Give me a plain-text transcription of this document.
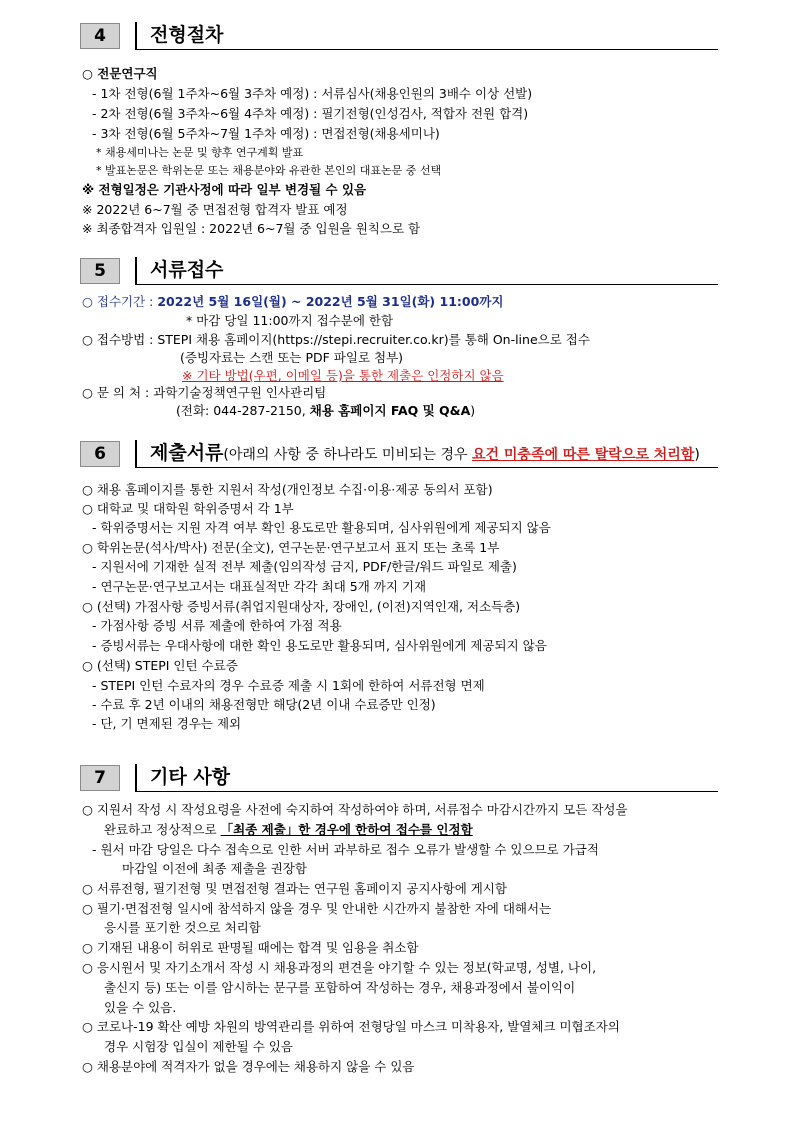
4	전형절차
○ 전문연구직
- 1차 전형(6월 1주차~6월 3주차 예정) : 서류심사(채용인원의 3배수 이상 선발)
- 2차 전형(6월 3주차~6월 4주차 예정) : 필기전형(인성검사, 적합자 전원 합격)
- 3차 전형(6월 5주차~7월 1주차 예정) : 면접전형(채용세미나)
* 채용세미나는 논문 및 향후 연구계획 발표
* 발표논문은 학위논문 또는 채용분야와 유관한 본인의 대표논문 중 선택
※ 전형일정은 기관사정에 따라 일부 변경될 수 있음
※ 2022년 6~7월 중 면접전형 합격자 발표 예정
※ 최종합격자 입원일 : 2022년 6~7월 중 입원을 원칙으로 함
5	서류접수
○ 접수기간 : 2022년 5월 16일(월) ~ 2022년 5월 31일(화) 11:00까지
* 마감 당일 11:00까지 접수분에 한함
○ 접수방법 : STEPI 채용 홈페이지(https://stepi.recruiter.co.kr)를 통해 On-line으로 접수
(증빙자료는 스캔 또는 PDF 파일로 첨부)
※ 기타 방법(우편, 이메일 등)을 통한 제출은 인정하지 않음
○ 문 의 처 : 과학기술정책연구원 인사관리팀
(전화: 044-287-2150, 채용 홈페이지 FAQ 및 Q&A)
6	제출서류(아래의 사항 중 하나라도 미비되는 경우 요건 미충족에 따른 탈락으로 처리함)
○ 채용 홈페이지를 통한 지원서 작성(개인정보 수집·이용·제공 동의서 포함)
○ 대학교 및 대학원 학위증명서 각 1부
- 학위증명서는 지원 자격 여부 확인 용도로만 활용되며, 심사위원에게 제공되지 않음
○ 학위논문(석사/박사) 전문(全文), 연구논문·연구보고서 표지 또는 초록 1부
- 지원서에 기재한 실적 전부 제출(임의작성 금지, PDF/한글/워드 파일로 제출)
- 연구논문·연구보고서는 대표실적만 각각 최대 5개 까지 기재
○ (선택) 가점사항 증빙서류(취업지원대상자, 장애인, (이전)지역인재, 저소득층)
- 가점사항 증빙 서류 제출에 한하여 가점 적용
- 증빙서류는 우대사항에 대한 확인 용도로만 활용되며, 심사위원에게 제공되지 않음
○ (선택) STEPI 인턴 수료증
- STEPI 인턴 수료자의 경우 수료증 제출 시 1회에 한하여 서류전형 면제
- 수료 후 2년 이내의 채용전형만 해당(2년 이내 수료증만 인정)
- 단, 기 면제된 경우는 제외
7	기타 사항
○ 지원서 작성 시 작성요령을 사전에 숙지하여 작성하여야 하며, 서류접수 마감시간까지 모든 작성을
완료하고 정상적으로 「최종 제출」한 경우에 한하여 접수를 인정함
- 원서 마감 당일은 다수 접속으로 인한 서버 과부하로 접수 오류가 발생할 수 있으므로 가급적
마감일 이전에 최종 제출을 권장함
○ 서류전형, 필기전형 및 면접전형 결과는 연구원 홈페이지 공지사항에 게시함
○ 필기·면접전형 일시에 참석하지 않을 경우 및 안내한 시간까지 불참한 자에 대해서는
응시를 포기한 것으로 처리함
○ 기재된 내용이 허위로 판명될 때에는 합격 및 임용을 취소함
○ 응시원서 및 자기소개서 작성 시 채용과정의 편견을 야기할 수 있는 정보(학교명, 성별, 나이,
출신지 등) 또는 이를 암시하는 문구를 포함하여 작성하는 경우, 채용과정에서 불이익이
있을 수 있음.
○ 코로나-19 확산 예방 차원의 방역관리를 위하여 전형당일 마스크 미착용자, 발열체크 미협조자의
경우 시험장 입실이 제한될 수 있음
○ 채용분야에 적격자가 없을 경우에는 채용하지 않을 수 있음
